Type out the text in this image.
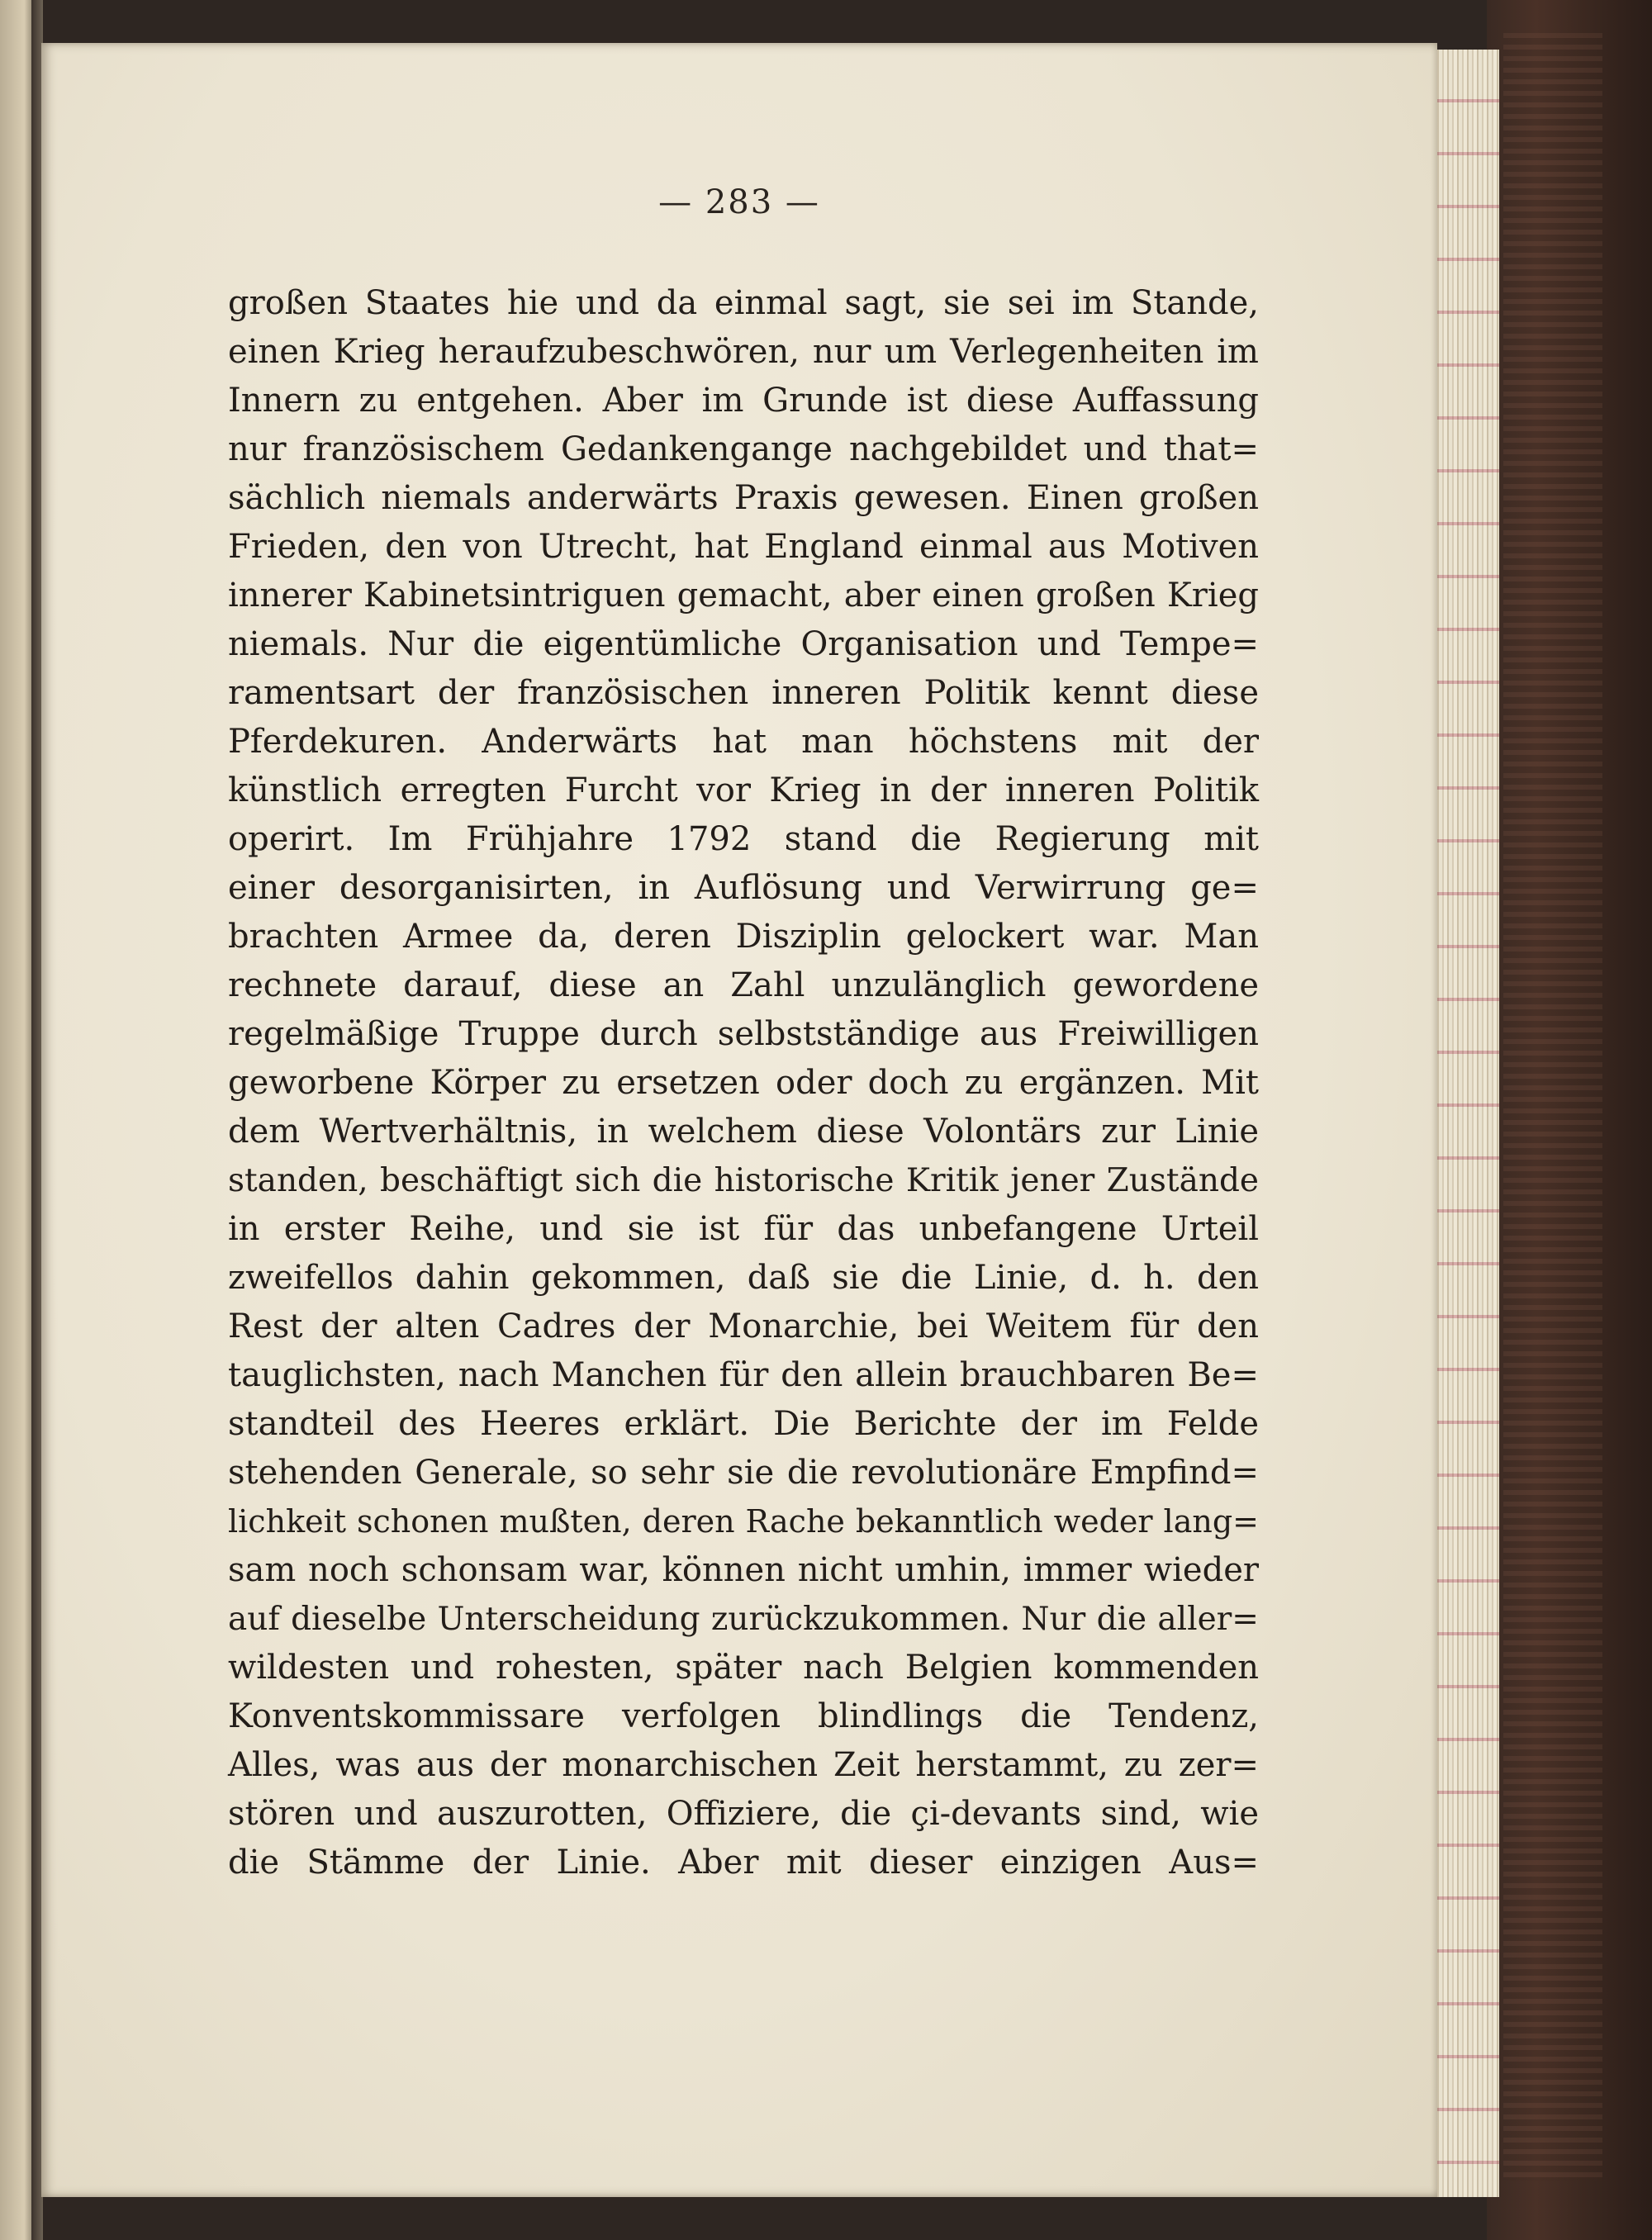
— 283 —
großen Staates hie und da einmal sagt, sie sei im Stande,
einen Krieg heraufzubeschwören, nur um Verlegenheiten im
Innern zu entgehen. Aber im Grunde ist diese Auffassung
nur französischem Gedankengange nachgebildet und that=
sächlich niemals anderwärts Praxis gewesen. Einen großen
Frieden, den von Utrecht, hat England einmal aus Motiven
innerer Kabinetsintriguen gemacht, aber einen großen Krieg
niemals. Nur die eigentümliche Organisation und Tempe=
ramentsart der französischen inneren Politik kennt diese
Pferdekuren. Anderwärts hat man höchstens mit der
künstlich erregten Furcht vor Krieg in der inneren Politik
operirt. Im Frühjahre 1792 stand die Regierung mit
einer desorganisirten, in Auflösung und Verwirrung ge=
brachten Armee da, deren Disziplin gelockert war. Man
rechnete darauf, diese an Zahl unzulänglich gewordene
regelmäßige Truppe durch selbstständige aus Freiwilligen
geworbene Körper zu ersetzen oder doch zu ergänzen. Mit
dem Wertverhältnis, in welchem diese Volontärs zur Linie
standen, beschäftigt sich die historische Kritik jener Zustände
in erster Reihe, und sie ist für das unbefangene Urteil
zweifellos dahin gekommen, daß sie die Linie, d. h. den
Rest der alten Cadres der Monarchie, bei Weitem für den
tauglichsten, nach Manchen für den allein brauchbaren Be=
standteil des Heeres erklärt. Die Berichte der im Felde
stehenden Generale, so sehr sie die revolutionäre Empfind=
lichkeit schonen mußten, deren Rache bekanntlich weder lang=
sam noch schonsam war, können nicht umhin, immer wieder
auf dieselbe Unterscheidung zurückzukommen. Nur die aller=
wildesten und rohesten, später nach Belgien kommenden
Konventskommissare verfolgen blindlings die Tendenz,
Alles, was aus der monarchischen Zeit herstammt, zu zer=
stören und auszurotten, Offiziere, die çi-devants sind, wie
die Stämme der Linie. Aber mit dieser einzigen Aus=
